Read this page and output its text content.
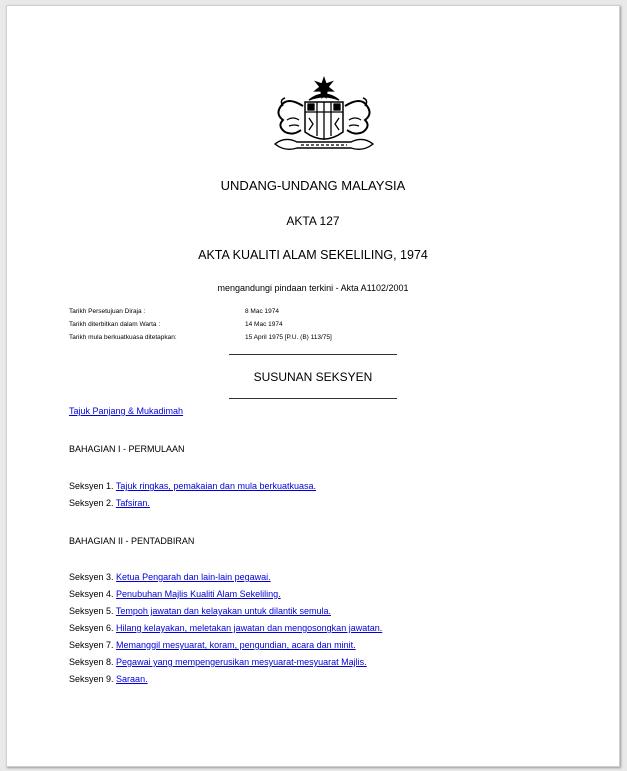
UNDANG-UNDANG MALAYSIA
AKTA 127
AKTA KUALITI ALAM SEKELILING, 1974
mengandungi pindaan terkini - Akta A1102/2001
Tarikh Persetujuan Diraja :	8 Mac 1974
Tarikh diterbitkan dalam Warta :	14 Mac 1974
Tarikh mula berkuatkuasa ditetapkan:	15 April 1975 [P.U. (B) 113/75]
SUSUNAN SEKSYEN
Tajuk Panjang & Mukadimah
BAHAGIAN I - PERMULAAN
Seksyen 1. Tajuk ringkas, pemakaian dan mula berkuatkuasa.
Seksyen 2. Tafsiran.
BAHAGIAN II - PENTADBIRAN
Seksyen 3. Ketua Pengarah dan lain-lain pegawai.
Seksyen 4. Penubuhan Majlis Kualiti Alam Sekeliling.
Seksyen 5. Tempoh jawatan dan kelayakan untuk dilantik semula.
Seksyen 6. Hilang kelayakan, meletakan jawatan dan mengosongkan jawatan.
Seksyen 7. Memanggil mesyuarat, koram, pengundian, acara dan minit.
Seksyen 8. Pegawai yang mempengerusikan mesyuarat-mesyuarat Majlis.
Seksyen 9. Saraan.
